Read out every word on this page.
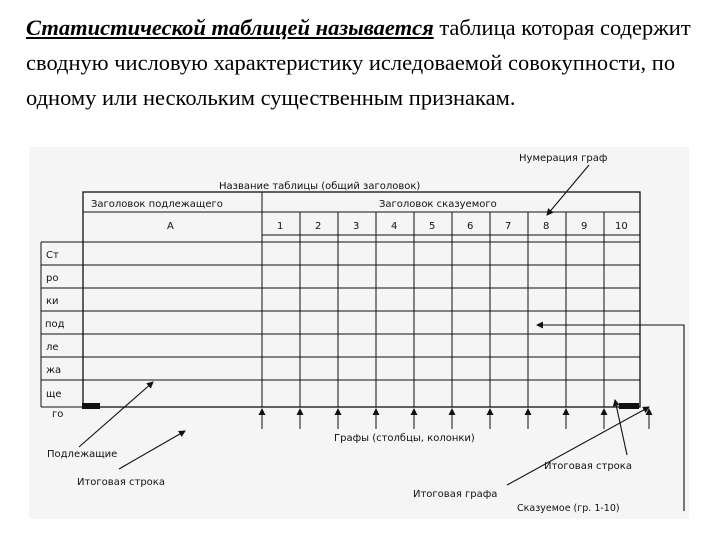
Статистической таблицей называется таблица которая содержит сводную числовую характеристику иследоваемой совокупности, по одному или нескольким существенным признакам.

Название таблицы (общий заголовок)
Заголовок подлежащего	Заголовок сказуемого
А	1	2	3	4	5	6	7	8	9	10
Ст
ро
ки
под
ле
жа
ще
го
Нумерация граф
Подлежащие
Итоговая строка
Графы (столбцы, колонки)
Итоговая строка
Итоговая графа
Сказуемое (гр. 1-10)
